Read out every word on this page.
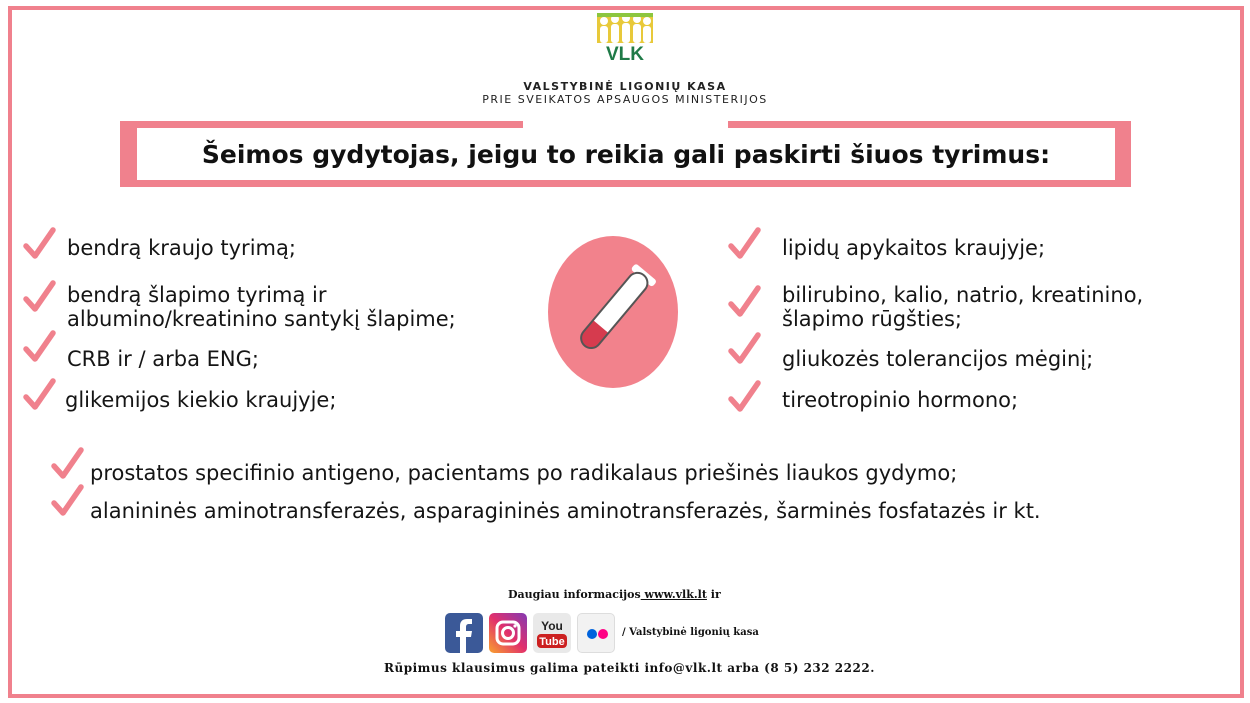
VLK
VALSTYBINĖ LIGONIŲ KASA
PRIE SVEIKATOS APSAUGOS MINISTERIJOS
Šeimos gydytojas, jeigu to reikia gali paskirti šiuos tyrimus:
bendrą kraujo tyrimą;
bendrą šlapimo tyrimą ir
albumino/kreatinino santykį šlapime;
CRB ir / arba ENG;
glikemijos kiekio kraujyje;
lipidų apykaitos kraujyje;
bilirubino, kalio, natrio, kreatinino,
šlapimo rūgšties;
gliukozės tolerancijos mėginį;
tireotropinio hormono;
prostatos specifinio antigeno, pacientams po radikalaus priešinės liaukos gydymo;
alanininės aminotransferazės, asparagininės aminotransferazės, šarminės fosfatazės ir kt.
Daugiau informacijos www.vlk.lt ir
You
Tube
/ Valstybinė ligonių kasa
Rūpimus klausimus galima pateikti info@vlk.lt arba (8 5) 232 2222.
